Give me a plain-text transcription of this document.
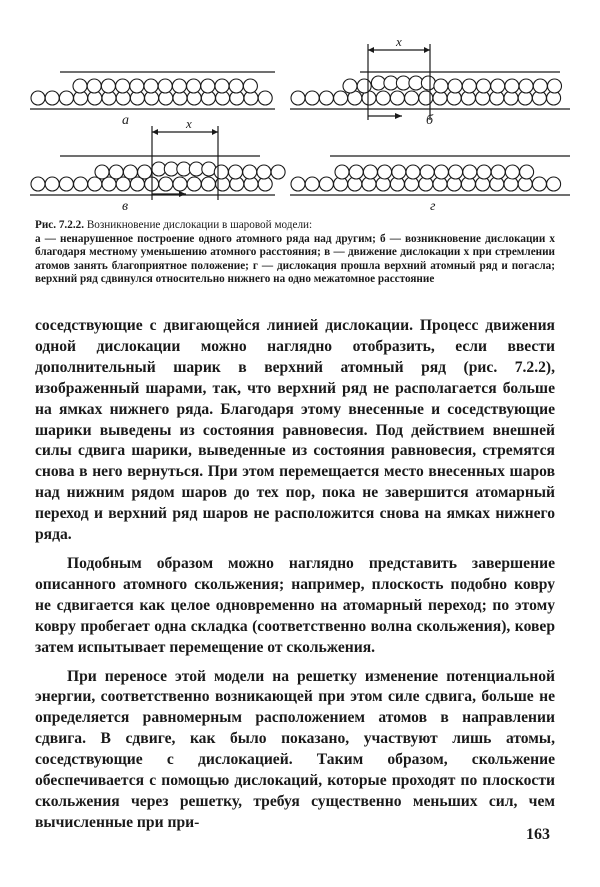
а	б
x
в
x
г
Рис. 7.2.2. Возникновение дислокации в шаровой модели:
а — ненарушенное построение одного атомного ряда над другим; б — возникновение дислокации x благодаря местному уменьшению атомного расстояния; в — движение дислокации x при стремлении атомов занять благоприятное положение; г — дислокация прошла верхний атомный ряд и погасла; верхний ряд сдвинулся относительно нижнего на одно межатомное расстояние

соседствующие с двигающейся линией дислокации. Процесс движения одной дислокации можно наглядно отобразить, если ввести дополнительный шарик в верхний атомный ряд (рис. 7.2.2), изображенный шарами, так, что верхний ряд не располагается больше на ямках нижнего ряда. Благодаря этому внесенные и соседствующие шарики выведены из состояния равновесия. Под действием внешней силы сдвига шарики, выведенные из состояния равновесия, стремятся снова в него вернуться. При этом перемещается место внесенных шаров над нижним рядом шаров до тех пор, пока не завершится атомарный переход и верхний ряд шаров не расположится снова на ямках нижнего ряда.

Подобным образом можно наглядно представить завершение описанного атомного скольжения; например, плоскость подобно ковру не сдвигается как целое одновременно на атомарный переход; по этому ковру пробегает одна складка (соответственно волна скольжения), ковер затем испытывает перемещение от скольжения.

При переносе этой модели на решетку изменение потенциальной энергии, соответственно возникающей при этом силе сдвига, больше не определяется равномерным расположением атомов в направлении сдвига. В сдвиге, как было показано, участвуют лишь атомы, соседствующие с дислокацией. Таким образом, скольжение обеспечивается с помощью дислокаций, которые проходят по плоскости скольжения через решетку, требуя существенно меньших сил, чем вычисленные при при-

163
